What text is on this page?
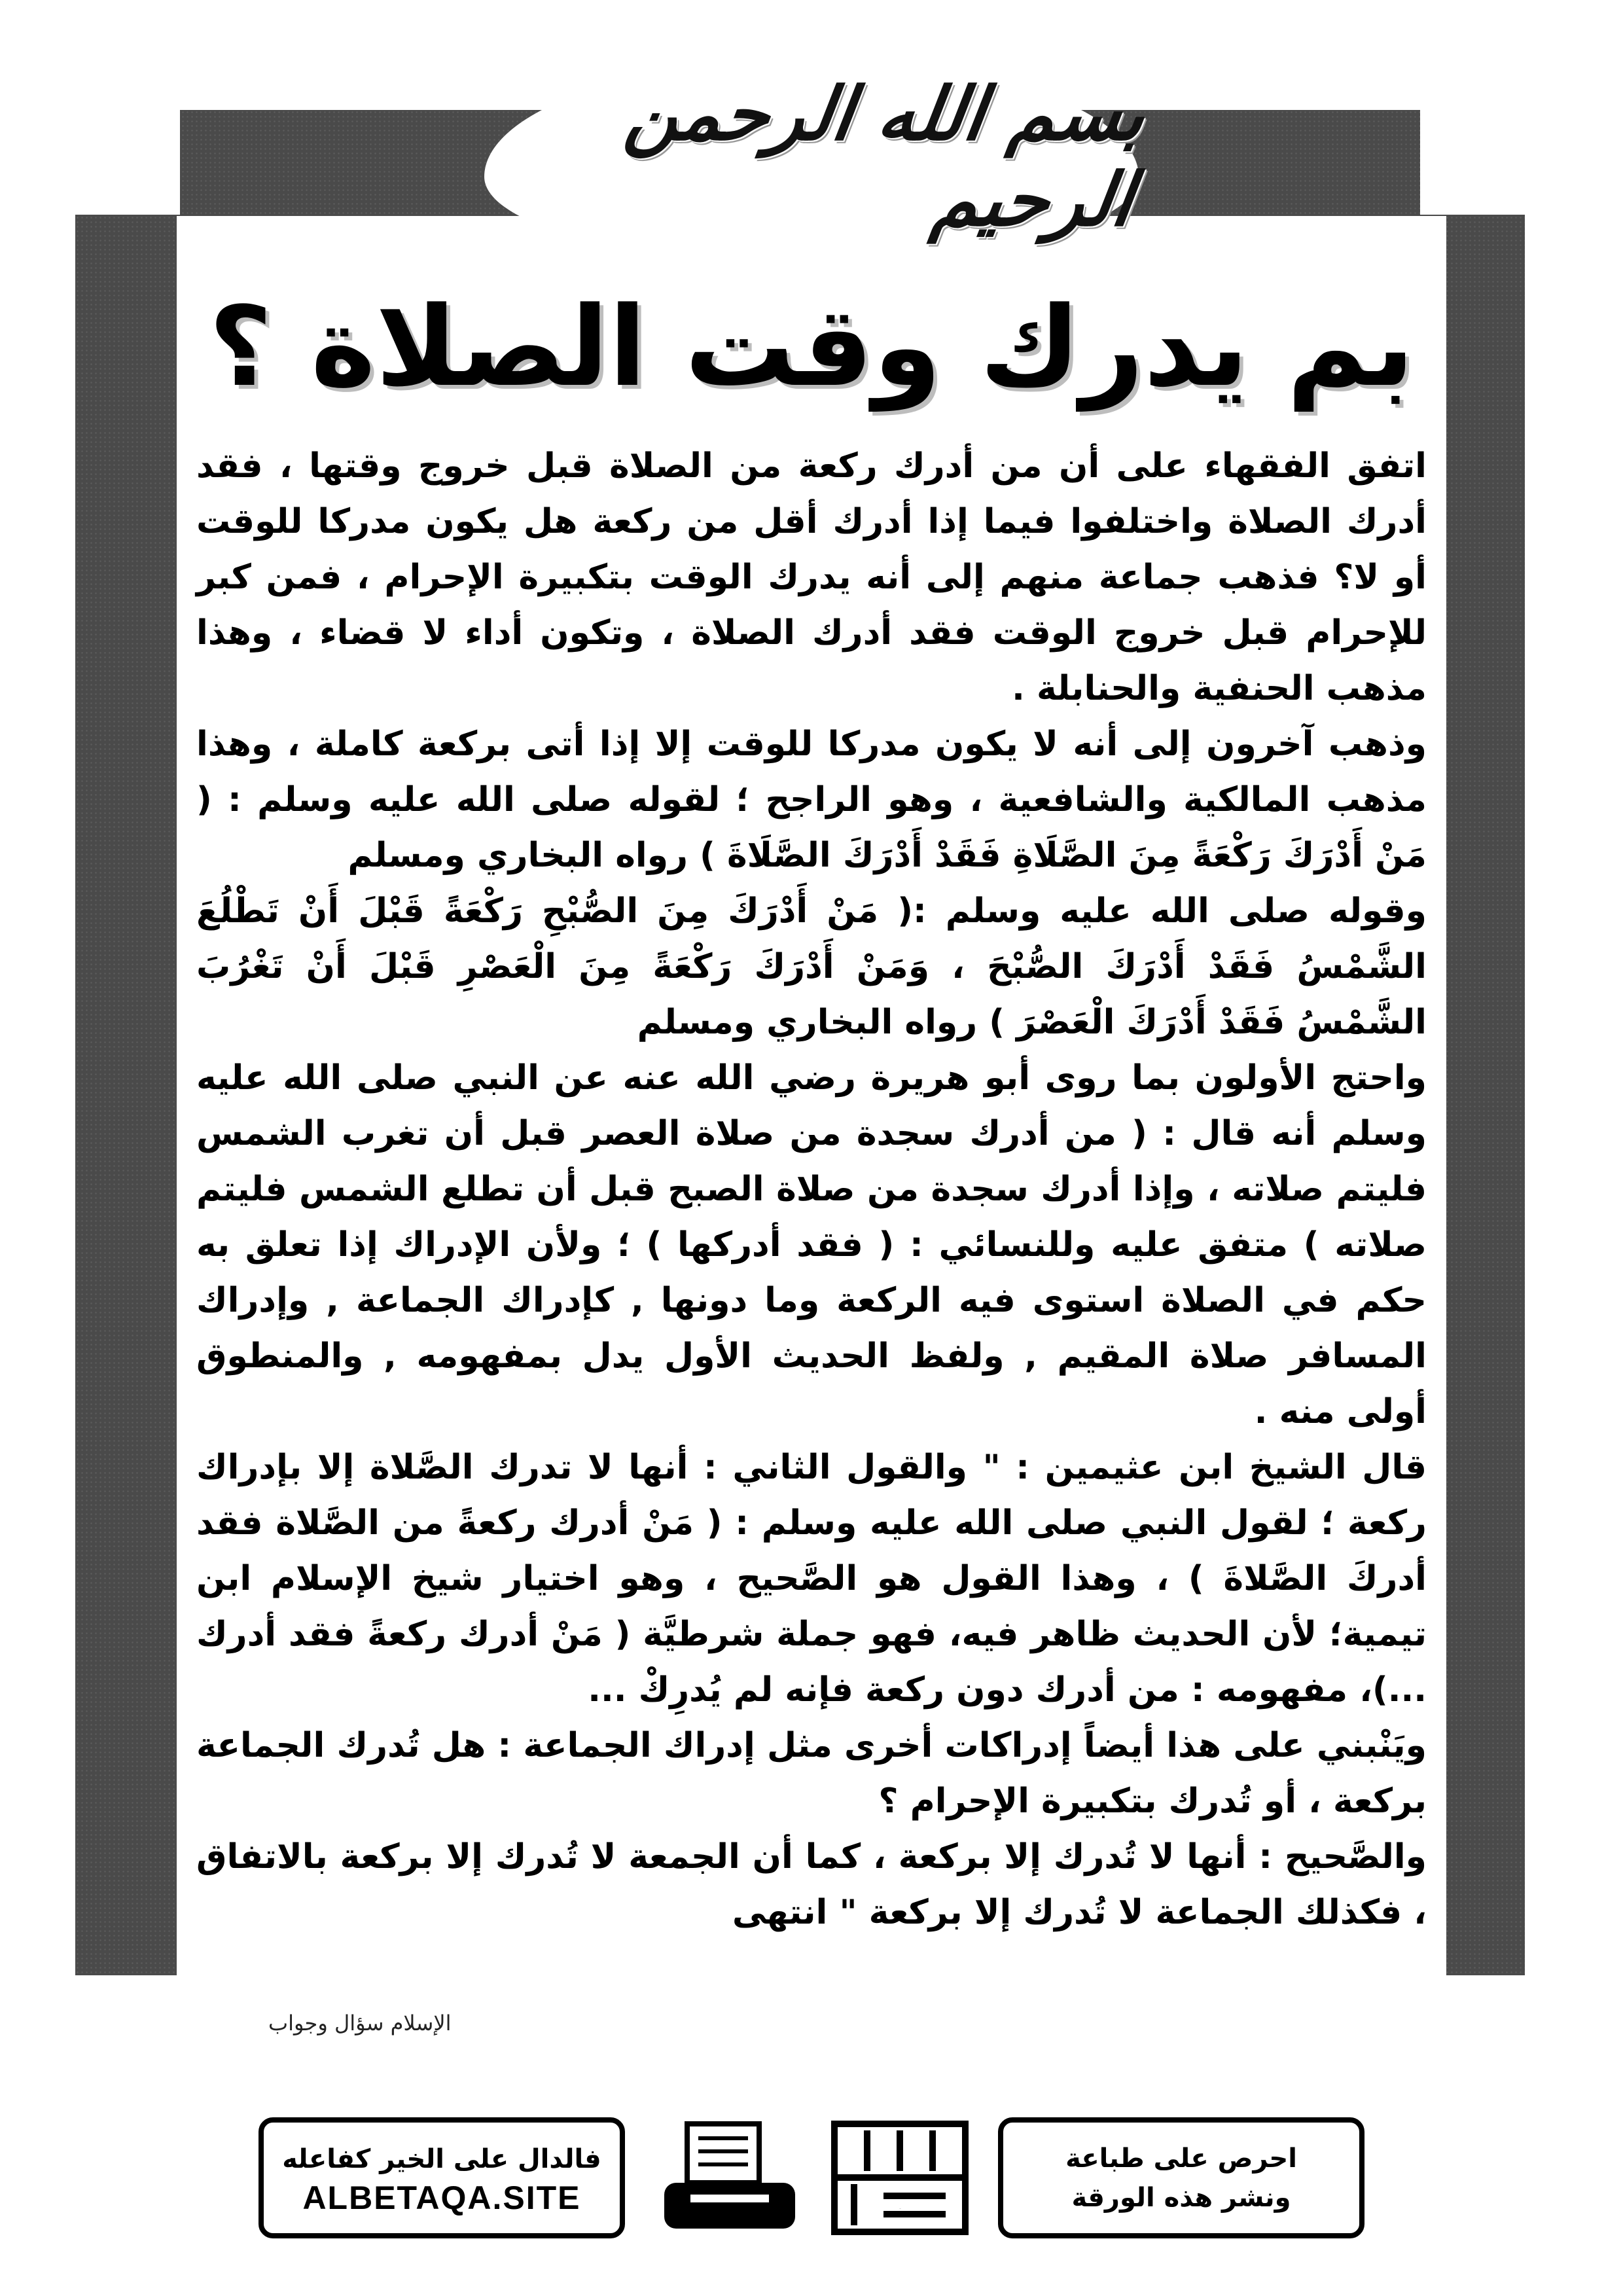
بسم الله الرحمن الرحيم
بم يدرك وقت الصلاة ؟

اتفق الفقهاء على أن من أدرك ركعة من الصلاة قبل خروج وقتها ، فقد أدرك الصلاة واختلفوا فيما إذا أدرك أقل من ركعة هل يكون مدركا للوقت أو لا؟ فذهب جماعة منهم إلى أنه يدرك الوقت بتكبيرة الإحرام ، فمن كبر للإحرام قبل خروج الوقت فقد أدرك الصلاة ، وتكون أداء لا قضاء ، وهذا مذهب الحنفية والحنابلة .

وذهب آخرون إلى أنه لا يكون مدركا للوقت إلا إذا أتى بركعة كاملة ، وهذا مذهب المالكية والشافعية ، وهو الراجح ؛ لقوله صلى الله عليه وسلم : ( مَنْ أَدْرَكَ رَكْعَةً مِنَ الصَّلَاةِ فَقَدْ أَدْرَكَ الصَّلَاةَ ) رواه البخاري ومسلم

وقوله صلى الله عليه وسلم :( مَنْ أَدْرَكَ مِنَ الصُّبْحِ رَكْعَةً قَبْلَ أَنْ تَطْلُعَ الشَّمْسُ فَقَدْ أَدْرَكَ الصُّبْحَ ، وَمَنْ أَدْرَكَ رَكْعَةً مِنَ الْعَصْرِ قَبْلَ أَنْ تَغْرُبَ الشَّمْسُ فَقَدْ أَدْرَكَ الْعَصْرَ ) رواه البخاري ومسلم

واحتج الأولون بما روى أبو هريرة رضي الله عنه عن النبي صلى الله عليه وسلم أنه قال : ( من أدرك سجدة من صلاة العصر قبل أن تغرب الشمس فليتم صلاته ، وإذا أدرك سجدة من صلاة الصبح قبل أن تطلع الشمس فليتم صلاته ) متفق عليه وللنسائي : ( فقد أدركها ) ؛ ولأن الإدراك إذا تعلق به حكم في الصلاة استوى فيه الركعة وما دونها , كإدراك الجماعة , وإدراك المسافر صلاة المقيم , ولفظ الحديث الأول يدل بمفهومه , والمنطوق أولى منه .

قال الشيخ ابن عثيمين : " والقول الثاني : أنها لا تدرك الصَّلاة إلا بإدراك ركعة ؛ لقول النبي صلى الله عليه وسلم : ( مَنْ أدرك ركعةً من الصَّلاة فقد أدركَ الصَّلاةَ ) ، وهذا القول هو الصَّحيح ، وهو اختيار شيخ الإسلام ابن تيمية؛ لأن الحديث ظاهر فيه، فهو جملة شرطيَّة ( مَنْ أدرك ركعةً فقد أدرك ...)، مفهومه : من أدرك دون ركعة فإنه لم يُدرِكْ ...

ويَنْبني على هذا أيضاً إدراكات أخرى مثل إدراك الجماعة : هل تُدرك الجماعة بركعة ، أو تُدرك بتكبيرة الإحرام ؟

والصَّحيح : أنها لا تُدرك إلا بركعة ، كما أن الجمعة لا تُدرك إلا بركعة بالاتفاق ، فكذلك الجماعة لا تُدرك إلا بركعة " انتهى

الإسلام سؤال وجواب
فالدال على الخير كفاعله
ALBETAQA.SITE
دعوة
الورقة
احرص على طباعة
ونشر هذه الورقة
